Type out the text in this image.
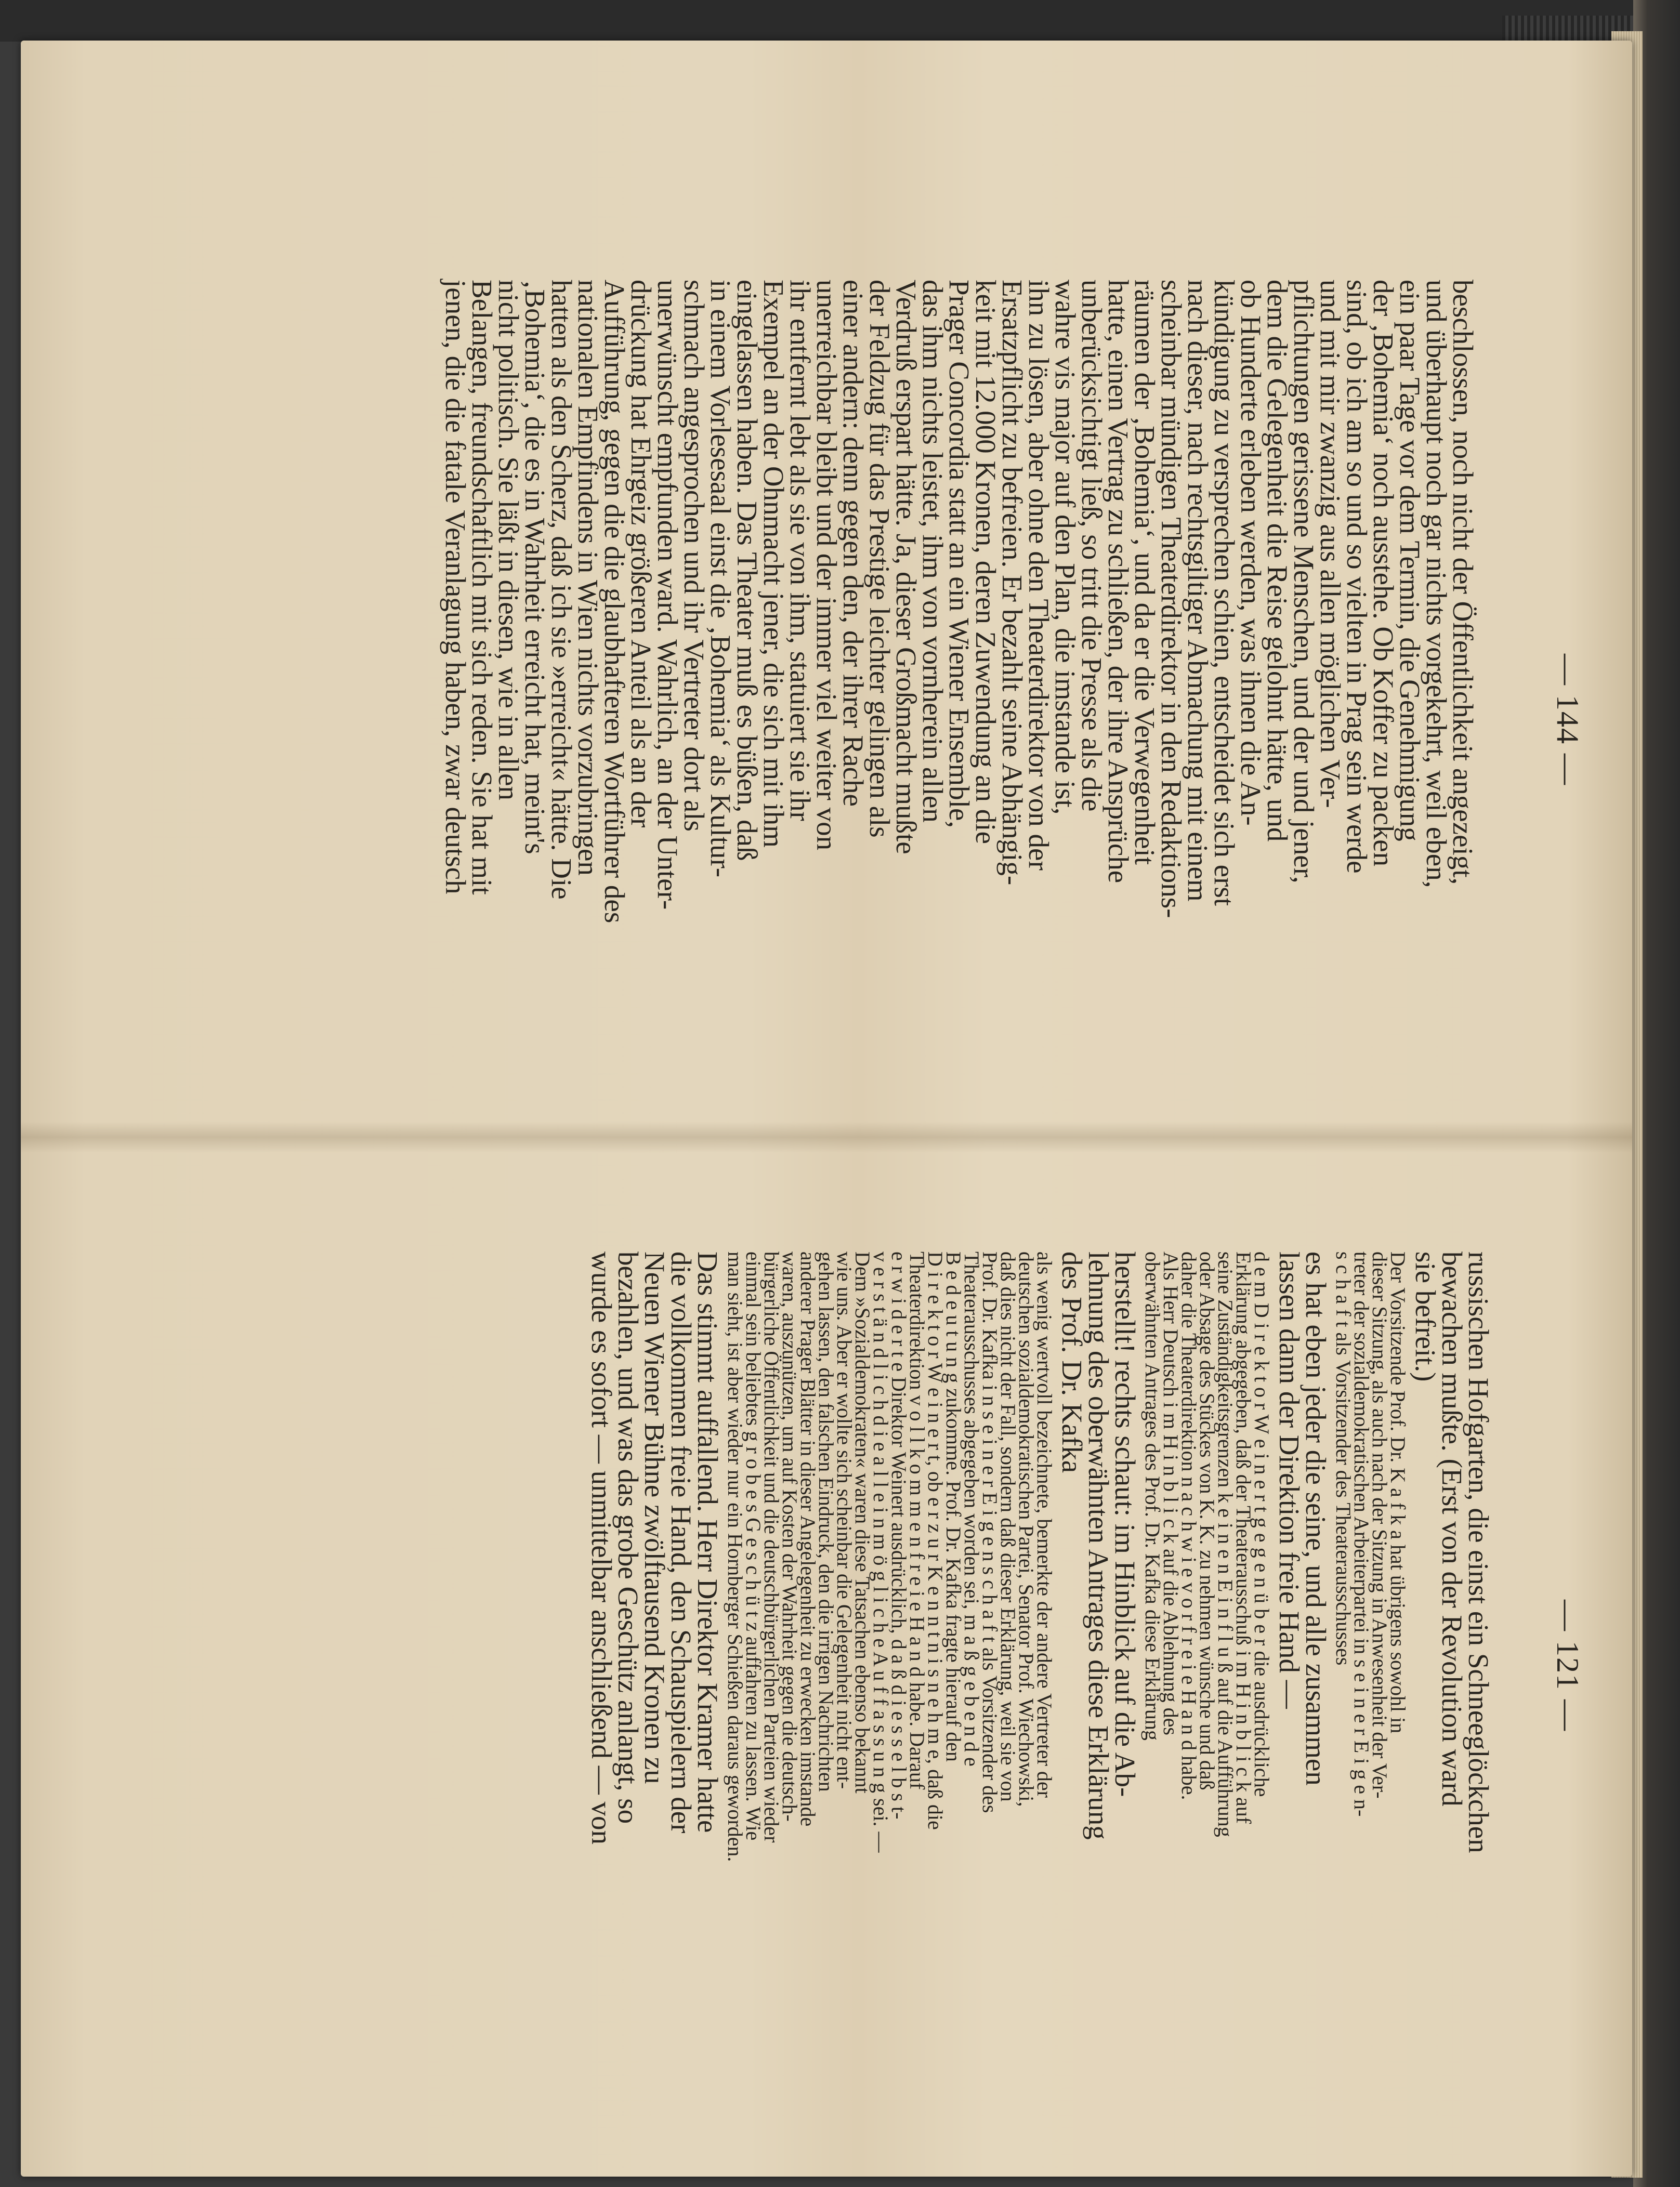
— 144 —
beschlossen, noch nicht der Öffentlichkeit angezeigt,
und überhaupt noch gar nichts vorgekehrt, weil eben,
ein paar Tage vor dem Termin, die Genehmigung
der ‚Bohemia‘ noch ausstehe. Ob Koffer zu packen
sind, ob ich am so und so vielten in Prag sein werde
und mit mir zwanzig aus allen möglichen Ver-
pflichtungen gerissene Menschen, und der und jener,
dem die Gelegenheit die Reise gelohnt hätte, und
ob Hunderte erleben werden, was ihnen die An-
kündigung zu versprechen schien, entscheidet sich erst
nach dieser, nach rechtsgiltiger Abmachung mit einem
scheinbar mündigen Theaterdirektor in den Redaktions-
räumen der ‚Bohemia‘, und da er die Verwegenheit
hatte, einen Vertrag zu schließen, der ihre Ansprüche
unberücksichtigt ließ, so tritt die Presse als die
wahre vis major auf den Plan, die imstande ist,
ihn zu lösen, aber ohne den Theaterdirektor von der
Ersatzpflicht zu befreien. Er bezahlt seine Abhängig-
keit mit 12.000 Kronen, deren Zuwendung an die
Prager Concordia statt an ein Wiener Ensemble,
das ihm nichts leistet, ihm von vornherein allen
Verdruß erspart hätte. Ja, dieser Großmacht mußte
der Feldzug für das Prestige leichter gelingen als
einer andern: denn gegen den, der ihrer Rache
unerreichbar bleibt und der immer viel weiter von
ihr entfernt lebt als sie von ihm, statuiert sie ihr
Exempel an der Ohnmacht jener, die sich mit ihm
eingelassen haben. Das Theater muß es büßen, daß
in einem Vorlesesaal einst die ‚Bohemia‘ als Kultur-
schmach angesprochen und ihr Vertreter dort als
unerwünscht empfunden ward. Wahrlich, an der Unter-
drückung hat Ehrgeiz größeren Anteil als an der
Aufführung, gegen die die glaubhafteren Wortführer des
nationalen Empfindens in Wien nichts vorzubringen
hatten als den Scherz, daß ich sie »erreicht« hätte. Die
‚Bohemia‘, die es in Wahrheit erreicht hat, meint's
nicht politisch. Sie läßt in diesen, wie in allen
Belangen, freundschaftlich mit sich reden. Sie hat mit
jenen, die die fatale Veranlagung haben, zwar deutsch
— 121 —
russischen Hofgarten, die einst ein Schneeglöckchen
bewachen mußte. (Erst von der Revolution ward
sie befreit.)
Der Vorsitzende Prof. Dr. K a f k a hat übrigens sowohl in
dieser Sitzung, als auch nach der Sitzung in Anwesenheit der Ver-
treter der sozialdemokratischen Arbeiterpartei in s e i n e r E i g e n-
s c h a f t als Vorsitzender des Theaterausschusses
es hat eben jeder die seine, und alle zusammen
lassen dann der Direktion freie Hand —
d e m D i r e k t o r W e i n e r t g e g e n ü b e r die ausdrückliche
Erklärung abgegeben, daß der Theaterausschuß i m H i n b l i c k auf
seine Zuständigkeitsgrenzen k e i n e n E i n f l u ß auf die Aufführung
oder Absage des Stückes von K. K. zu nehmen wünsche und daß
daher die Theaterdirektion n a c h w i e v o r f r e i e H a n d habe.
Als Herr Deutsch i m H i n b l i c k auf die Ablehnung des
oberwähnten Antrages des Prof. Dr. Kafka diese Erklärung
herstellt! rechts schaut: im Hinblick auf die Ab-
lehnung des oberwähnten Antrages diese Erklärung
des Prof. Dr. Kafka
als wenig wertvoll bezeichnete, bemerkte der andere Vertreter der
deutschen sozialdemokratischen Partei, Senator Prof. Wiechowski,
daß dies nicht der Fall, sondern daß dieser Erklärung, weil sie von
Prof. Dr. Kafka i n s e i n e r E i g e n s c h a f t als Vorsitzender des
Theaterausschusses abgegeben worden sei, m a ß g e b e n d e
B e d e u t u n g zukomme. Prof. Dr. Kafka fragte hierauf den
D i r e k t o r W e i n e r t, ob e r z u r K e n n t n i s n e h m e, daß die
Theaterdirektion v o l l k o m m e n f r e i e H a n d habe. Darauf
e r w i d e r t e Direktor Weinert ausdrücklich, d a ß d i e s s e l b s t-
v e r s t ä n d l i c h d i e a l l e i n m ö g l i c h e A u f f a s s u n g sei. —
Dem »Sozialdemokraten« waren diese Tatsachen ebenso bekannt
wie uns. Aber er wollte sich scheinbar die Gelegenheit nicht ent-
gehen lassen, den falschen Eindruck, den die irrigen Nachrichten
anderer Prager Blätter in dieser Angelegenheit zu erwecken imstande
waren, auszunützen, um auf Kosten der Wahrheit gegen die deutsch-
bürgerliche Öffentlichkeit und die deutschbürgerlichen Parteien wieder
einmal sein beliebtes g r o b e s G e s c h ü t z auffahren zu lassen. Wie
man sieht, ist aber wieder nur ein Hornberger Schießen daraus geworden.
Das stimmt auffallend. Herr Direktor Kramer hatte
die vollkommen freie Hand, den Schauspielern der
Neuen Wiener Bühne zwölftausend Kronen zu
bezahlen, und was das grobe Geschütz anlangt, so
wurde es sofort — unmittelbar anschließend — von
